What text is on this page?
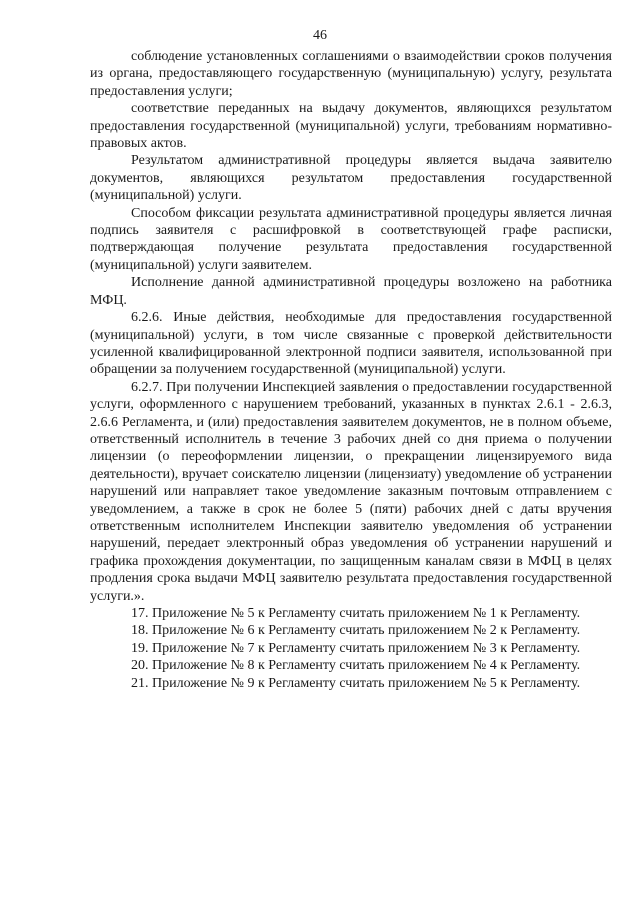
46

соблюдение установленных соглашениями о взаимодействии сроков получения из органа, предоставляющего государственную (муниципальную) услугу, результата предоставления услуги;

соответствие переданных на выдачу документов, являющихся результатом предоставления государственной (муниципальной) услуги, требованиям нормативно-правовых актов.

Результатом административной процедуры является выдача заявителю документов, являющихся результатом предоставления государственной (муниципальной) услуги.

Способом фиксации результата административной процедуры является личная подпись заявителя с расшифровкой в соответствующей графе расписки, подтверждающая получение результата предоставления государственной (муниципальной) услуги заявителем.

Исполнение данной административной процедуры возложено на работника МФЦ.

6.2.6. Иные действия, необходимые для предоставления государственной (муниципальной) услуги, в том числе связанные с проверкой действительности усиленной квалифицированной электронной подписи заявителя, использованной при обращении за получением государственной (муниципальной) услуги.

6.2.7. При получении Инспекцией заявления о предоставлении государственной услуги, оформленного с нарушением требований, указанных в пунктах 2.6.1 - 2.6.3, 2.6.6 Регламента, и (или) предоставления заявителем документов, не в полном объеме, ответственный исполнитель в течение 3 рабочих дней со дня приема о получении лицензии (о переоформлении лицензии, о прекращении лицензируемого вида деятельности), вручает соискателю лицензии (лицензиату) уведомление об устранении нарушений или направляет такое уведомление заказным почтовым отправлением с уведомлением, а также в срок не более 5 (пяти) рабочих дней с даты вручения ответственным исполнителем Инспекции заявителю уведомления об устранении нарушений, передает электронный образ уведомления об устранении нарушений и графика прохождения документации, по защищенным каналам связи в МФЦ в целях продления срока выдачи МФЦ заявителю результата предоставления государственной услуги.».

17. Приложение № 5 к Регламенту считать приложением № 1 к Регламенту.

18. Приложение № 6 к Регламенту считать приложением № 2 к Регламенту.

19. Приложение № 7 к Регламенту считать приложением № 3 к Регламенту.

20. Приложение № 8 к Регламенту считать приложением № 4 к Регламенту.

21. Приложение № 9 к Регламенту считать приложением № 5 к Регламенту.
